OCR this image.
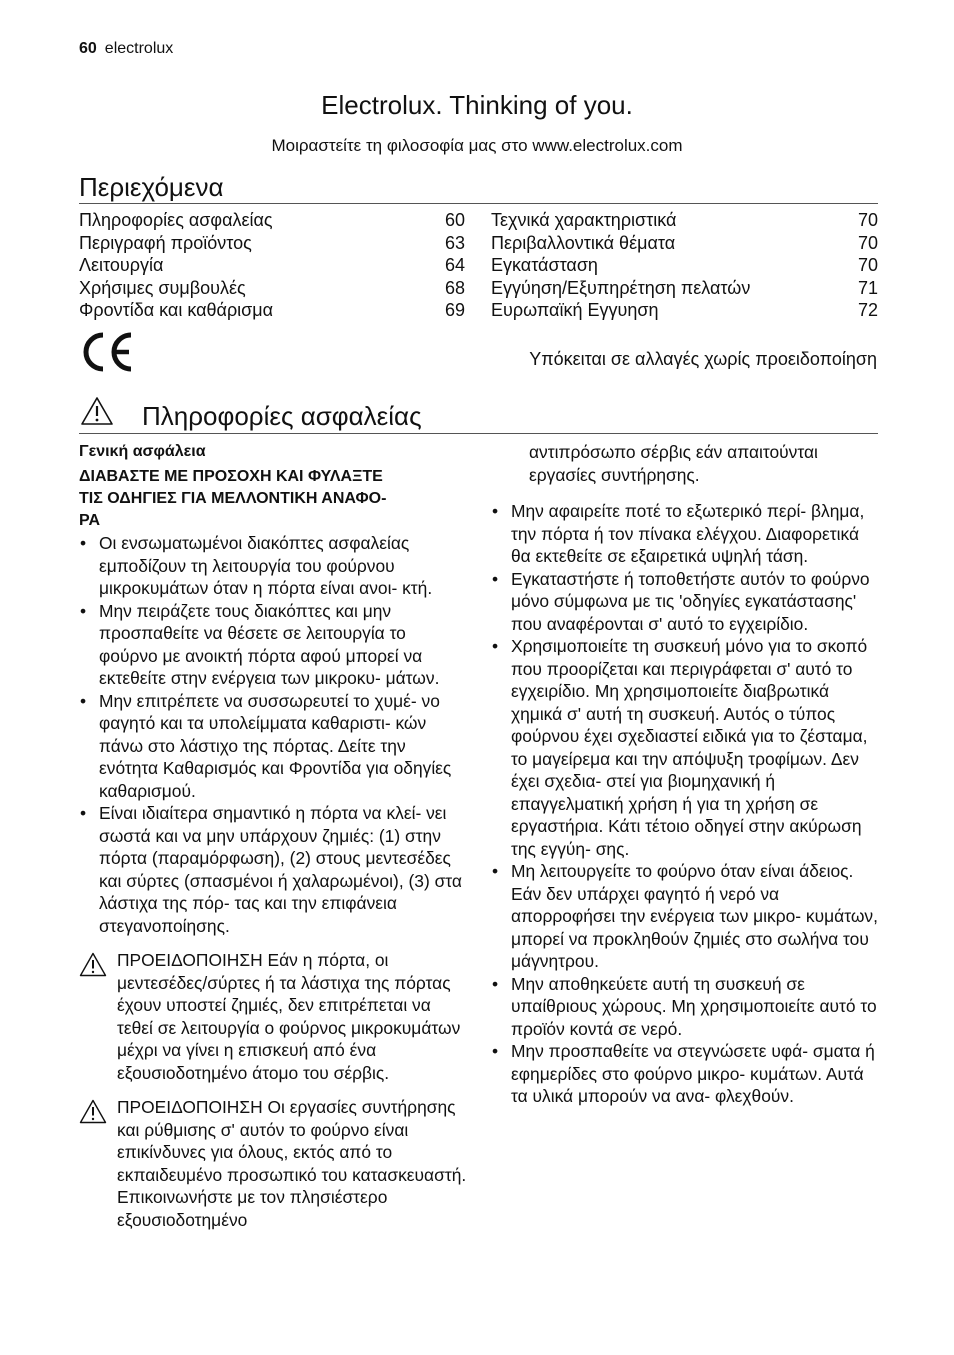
60 electrolux
Electrolux. Thinking of you.
Μοιραστείτε τη φιλοσοφία μας στο www.electrolux.com
Περιεχόμενα
Πληροφορίες ασφαλείας	60
Περιγραφή προϊόντος	63
Λειτουργία	64
Χρήσιμες συμβουλές	68
Φροντίδα και καθάρισμα	69
Τεχνικά χαρακτηριστικά	70
Περιβαλλοντικά θέματα	70
Εγκατάσταση	70
Εγγύηση/Εξυπηρέτηση πελατών	71
Ευρωπαϊκή Εγγυηση	72
Υπόκειται σε αλλαγές χωρίς προειδοποίηση
Πληροφορίες ασφαλείας
Γενική ασφάλεια
ΔΙΑΒΑΣΤΕ ΜΕ ΠΡΟΣΟΧΗ ΚΑΙ ΦΥΛΑΞΤΕ
ΤΙΣ ΟΔΗΓΙΕΣ ΓΙΑ ΜΕΛΛΟΝΤΙΚΗ ΑΝΑΦΟ-
ΡΑ
• Οι ενσωματωμένοι διακόπτες ασφαλείας εμποδίζουν τη λειτουργία του φούρνου μικροκυμάτων όταν η πόρτα είναι ανοι- κτή.
• Μην πειράζετε τους διακόπτες και μην προσπαθείτε να θέσετε σε λειτουργία το φούρνο με ανοικτή πόρτα αφού μπορεί να εκτεθείτε στην ενέργεια των μικροκυ- μάτων.
• Μην επιτρέπετε να συσσωρευτεί το χυμέ- νο φαγητό και τα υπολείμματα καθαριστι- κών πάνω στο λάστιχο της πόρτας. Δείτε την ενότητα Καθαρισμός και Φροντίδα για οδηγίες καθαρισμού.
• Είναι ιδιαίτερα σημαντικό η πόρτα να κλεί- νει σωστά και να μην υπάρχουν ζημιές: (1) στην πόρτα (παραμόρφωση), (2) στους μεντεσέδες και σύρτες (σπασμένοι ή χαλαρωμένοι), (3) στα λάστιχα της πόρ- τας και την επιφάνεια στεγανοποίησης.
ΠΡΟΕΙΔΟΠΟΙΗΣΗ Εάν η πόρτα, οι μεντεσέδες/σύρτες ή τα λάστιχα της πόρτας έχουν υποστεί ζημιές, δεν επιτρέπεται να τεθεί σε λειτουργία ο φούρνος μικροκυμάτων μέχρι να γίνει η επισκευή από ένα εξουσιοδοτημένο άτομο του σέρβις.
ΠΡΟΕΙΔΟΠΟΙΗΣΗ Οι εργασίες συντήρησης και ρύθμισης σ' αυτόν το φούρνο είναι επικίνδυνες για όλους, εκτός από το εκπαιδευμένο προσωπικό του κατασκευαστή. Επικοινωνήστε με τον πλησιέστερο εξουσιοδοτημένο
αντιπρόσωπο σέρβις εάν απαιτούνται εργασίες συντήρησης.
• Μην αφαιρείτε ποτέ το εξωτερικό περί- βλημα, την πόρτα ή τον πίνακα ελέγχου. Διαφορετικά θα εκτεθείτε σε εξαιρετικά υψηλή τάση.
• Εγκαταστήστε ή τοποθετήστε αυτόν το φούρνο μόνο σύμφωνα με τις 'οδηγίες εγκατάστασης' που αναφέρονται σ' αυτό το εγχειρίδιο.
• Χρησιμοποιείτε τη συσκευή μόνο για το σκοπό που προορίζεται και περιγράφεται σ' αυτό το εγχειρίδιο. Μη χρησιμοποιείτε διαβρωτικά χημικά σ' αυτή τη συσκευή. Αυτός ο τύπος φούρνου έχει σχεδιαστεί ειδικά για το ζέσταμα, το μαγείρεμα και την απόψυξη τροφίμων. Δεν έχει σχεδια- στεί για βιομηχανική ή επαγγελματική χρήση ή για τη χρήση σε εργαστήρια. Κάτι τέτοιο οδηγεί στην ακύρωση της εγγύη- σης.
• Μη λειτουργείτε το φούρνο όταν είναι άδειος. Εάν δεν υπάρχει φαγητό ή νερό να απορροφήσει την ενέργεια των μικρο- κυμάτων, μπορεί να προκληθούν ζημιές στο σωλήνα του μάγνητρου.
• Μην αποθηκεύετε αυτή τη συσκευή σε υπαίθριους χώρους. Μη χρησιμοποιείτε αυτό το προϊόν κοντά σε νερό.
• Μην προσπαθείτε να στεγνώσετε υφά- σματα ή εφημερίδες στο φούρνο μικρο- κυμάτων. Αυτά τα υλικά μπορούν να ανα- φλεχθούν.
